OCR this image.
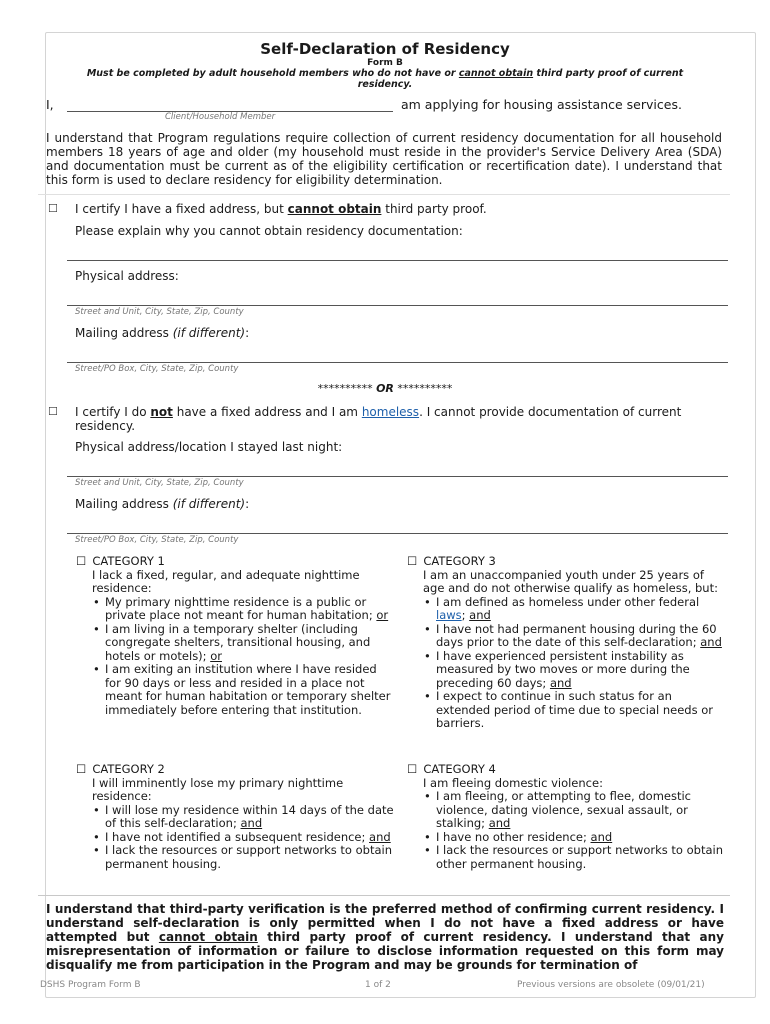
Self-Declaration of Residency
Form B
Must be completed by adult household members who do not have or cannot obtain third party proof of current residency.
I,
Client/Household Member
am applying for housing assistance services.
I understand that Program regulations require collection of current residency documentation for all household members 18 years of age and older (my household must reside in the provider's Service Delivery Area (SDA) and documentation must be current as of the eligibility certification or recertification date). I understand that this form is used to declare residency for eligibility determination.
☐ I certify I have a fixed address, but cannot obtain third party proof.
Please explain why you cannot obtain residency documentation:
Physical address:
Street and Unit, City, State, Zip, County
Mailing address (if different):
Street/PO Box, City, State, Zip, County
********** OR **********
☐ I certify I do not have a fixed address and I am homeless. I cannot provide documentation of current residency.
Physical address/location I stayed last night:
Street and Unit, City, State, Zip, County
Mailing address (if different):
Street/PO Box, City, State, Zip, County
☐ CATEGORY 1
I lack a fixed, regular, and adequate nighttime residence:
• My primary nighttime residence is a public or private place not meant for human habitation; or
• I am living in a temporary shelter (including congregate shelters, transitional housing, and hotels or motels); or
• I am exiting an institution where I have resided for 90 days or less and resided in a place not meant for human habitation or temporary shelter immediately before entering that institution.
☐ CATEGORY 2
I will imminently lose my primary nighttime residence:
• I will lose my residence within 14 days of the date of this self-declaration; and
• I have not identified a subsequent residence; and
• I lack the resources or support networks to obtain permanent housing.
☐ CATEGORY 3
I am an unaccompanied youth under 25 years of age and do not otherwise qualify as homeless, but:
• I am defined as homeless under other federal laws; and
• I have not had permanent housing during the 60 days prior to the date of this self-declaration; and
• I have experienced persistent instability as measured by two moves or more during the preceding 60 days; and
• I expect to continue in such status for an extended period of time due to special needs or barriers.
☐ CATEGORY 4
I am fleeing domestic violence:
• I am fleeing, or attempting to flee, domestic violence, dating violence, sexual assault, or stalking; and
• I have no other residence; and
• I lack the resources or support networks to obtain other permanent housing.
I understand that third-party verification is the preferred method of confirming current residency. I understand self-declaration is only permitted when I do not have a fixed address or have attempted but cannot obtain third party proof of current residency. I understand that any misrepresentation of information or failure to disclose information requested on this form may disqualify me from participation in the Program and may be grounds for termination of
DSHS Program Form B	1 of 2	Previous versions are obsolete (09/01/21)
